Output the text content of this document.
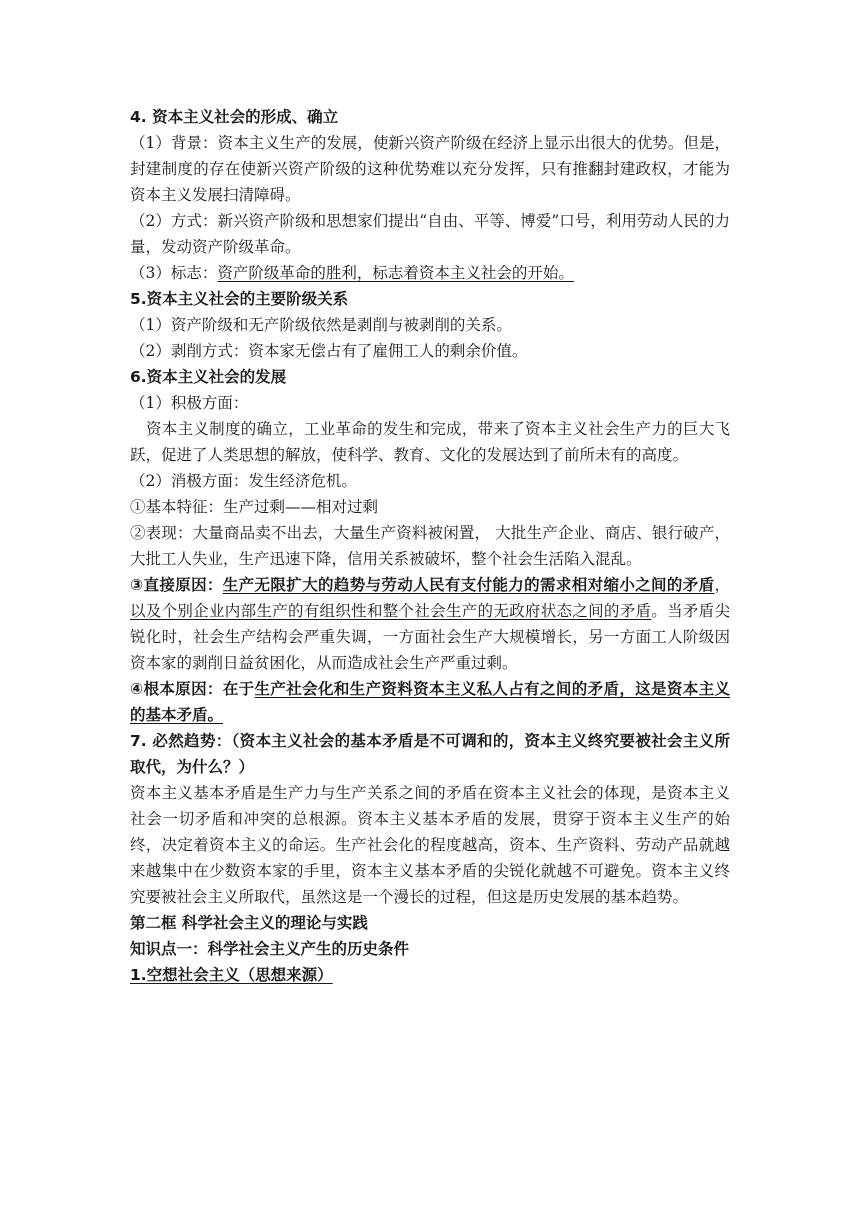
4. 资本主义社会的形成、确立
（1）背景：资本主义生产的发展，使新兴资产阶级在经济上显示出很大的优势。但是，封建制度的存在使新兴资产阶级的这种优势难以充分发挥，只有推翻封建政权，才能为资本主义发展扫清障碍。
（2）方式：新兴资产阶级和思想家们提出“自由、平等、博爱”口号，利用劳动人民的力量，发动资产阶级革命。
（3）标志：资产阶级革命的胜利，标志着资本主义社会的开始。
5.资本主义社会的主要阶级关系
（1）资产阶级和无产阶级依然是剥削与被剥削的关系。
（2）剥削方式：资本家无偿占有了雇佣工人的剩余价值。
6.资本主义社会的发展
（1）积极方面：
资本主义制度的确立，工业革命的发生和完成，带来了资本主义社会生产力的巨大飞跃，促进了人类思想的解放，使科学、教育、文化的发展达到了前所未有的高度。
（2）消极方面：发生经济危机。
①基本特征：生产过剩——相对过剩
②表现：大量商品卖不出去，大量生产资料被闲置， 大批生产企业、商店、银行破产，大批工人失业，生产迅速下降，信用关系被破坏，整个社会生活陷入混乱。
③直接原因：生产无限扩大的趋势与劳动人民有支付能力的需求相对缩小之间的矛盾，以及个别企业内部生产的有组织性和整个社会生产的无政府状态之间的矛盾。当矛盾尖锐化时，社会生产结构会严重失调，一方面社会生产大规模增长，另一方面工人阶级因资本家的剥削日益贫困化，从而造成社会生产严重过剩。
④根本原因：在于生产社会化和生产资料资本主义私人占有之间的矛盾，这是资本主义的基本矛盾。
7. 必然趋势：（资本主义社会的基本矛盾是不可调和的，资本主义终究要被社会主义所取代，为什么？）
资本主义基本矛盾是生产力与生产关系之间的矛盾在资本主义社会的体现，是资本主义社会一切矛盾和冲突的总根源。资本主义基本矛盾的发展，贯穿于资本主义生产的始终，决定着资本主义的命运。生产社会化的程度越高，资本、生产资料、劳动产品就越来越集中在少数资本家的手里，资本主义基本矛盾的尖锐化就越不可避免。资本主义终究要被社会主义所取代，虽然这是一个漫长的过程，但这是历史发展的基本趋势。
第二框 科学社会主义的理论与实践
知识点一：科学社会主义产生的历史条件
1.空想社会主义（思想来源）
